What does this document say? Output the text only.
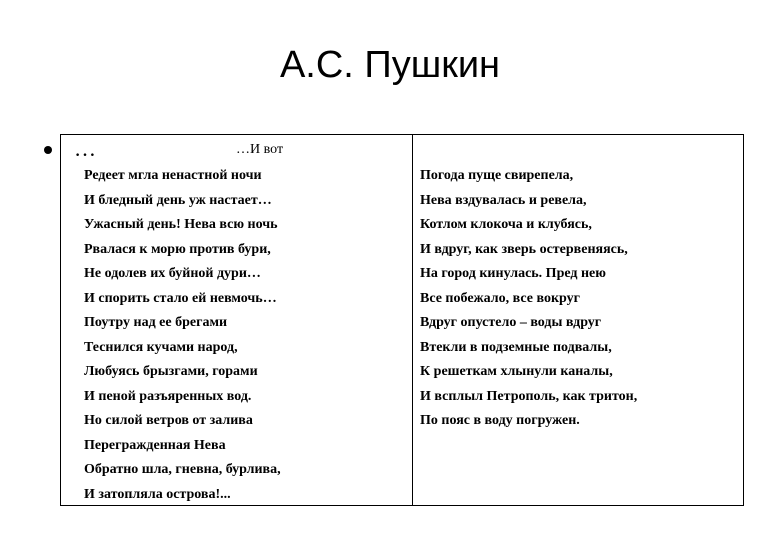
А.С. Пушкин
…	…И вот
Редеет мгла ненастной ночи
И бледный день уж настает…
Ужасный день! Нева всю ночь
Рвалася к морю против бури,
Не одолев их буйной дури…
И спорить стало ей невмочь…
Поутру над ее брегами
Теснился кучами народ,
Любуясь брызгами, горами
И пеной разъяренных вод.
Но силой ветров от залива
Перегражденная Нева
Обратно шла, гневна, бурлива,
И затопляла острова!...
Погода пуще свирепела,
Нева вздувалась и ревела,
Котлом клокоча и клубясь,
И вдруг, как зверь остервеняясь,
На город кинулась. Пред нею
Все побежало, все вокруг
Вдруг опустело – воды вдруг
Втекли в подземные подвалы,
К решеткам хлынули каналы,
И всплыл Петрополь, как тритон,
По пояс в воду погружен.
